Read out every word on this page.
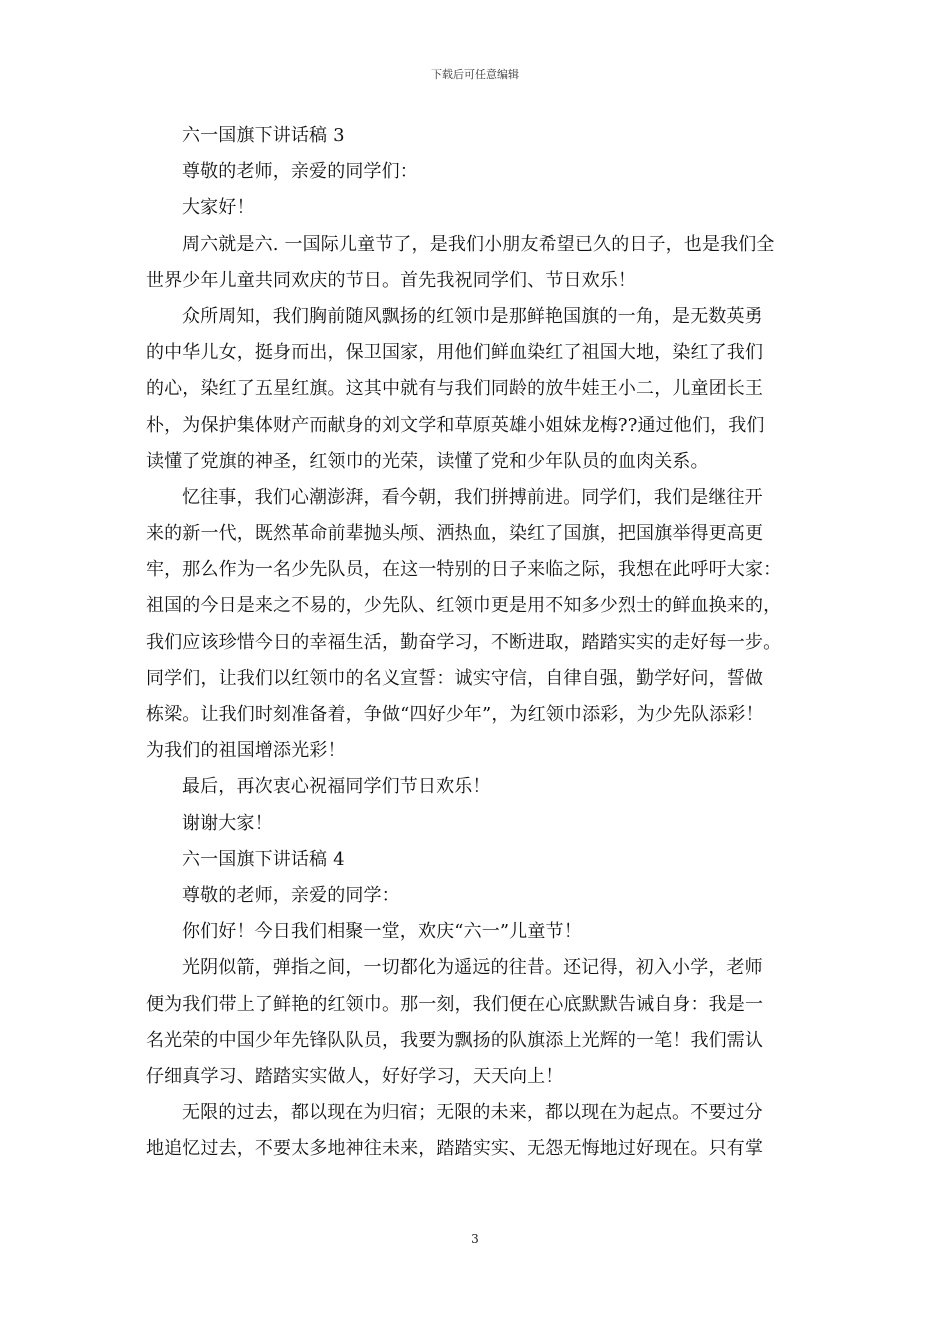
下载后可任意编辑
六一国旗下讲话稿 3
尊敬的老师，亲爱的同学们：
大家好！
周六就是六. 一国际儿童节了，是我们小朋友希望已久的日子，也是我们全
世界少年儿童共同欢庆的节日。首先我祝同学们、节日欢乐！
众所周知，我们胸前随风飘扬的红领巾是那鲜艳国旗的一角，是无数英勇
的中华儿女，挺身而出，保卫国家，用他们鲜血染红了祖国大地，染红了我们
的心，染红了五星红旗。这其中就有与我们同龄的放牛娃王小二，儿童团长王
朴，为保护集体财产而献身的刘文学和草原英雄小姐妹龙梅??通过他们，我们
读懂了党旗的神圣，红领巾的光荣，读懂了党和少年队员的血肉关系。
忆往事，我们心潮澎湃，看今朝，我们拼搏前进。同学们，我们是继往开
来的新一代，既然革命前辈抛头颅、洒热血，染红了国旗，把国旗举得更高更
牢，那么作为一名少先队员，在这一特别的日子来临之际，我想在此呼吁大家：
祖国的今日是来之不易的，少先队、红领巾更是用不知多少烈士的鲜血换来的，
我们应该珍惜今日的幸福生活，勤奋学习，不断进取，踏踏实实的走好每一步。
同学们，让我们以红领巾的名义宣誓：诚实守信，自律自强，勤学好问，誓做
栋梁。让我们时刻准备着，争做“四好少年”，为红领巾添彩，为少先队添彩！
为我们的祖国增添光彩！
最后，再次衷心祝福同学们节日欢乐！
谢谢大家！
六一国旗下讲话稿 4
尊敬的老师，亲爱的同学：
你们好！今日我们相聚一堂，欢庆“六一”儿童节！
光阴似箭，弹指之间，一切都化为遥远的往昔。还记得，初入小学，老师
便为我们带上了鲜艳的红领巾。那一刻，我们便在心底默默告诫自身：我是一
名光荣的中国少年先锋队队员，我要为飘扬的队旗添上光辉的一笔！我们需认
仔细真学习、踏踏实实做人，好好学习，天天向上！
无限的过去，都以现在为归宿；无限的未来，都以现在为起点。不要过分
地追忆过去，不要太多地神往未来，踏踏实实、无怨无悔地过好现在。只有掌
3
